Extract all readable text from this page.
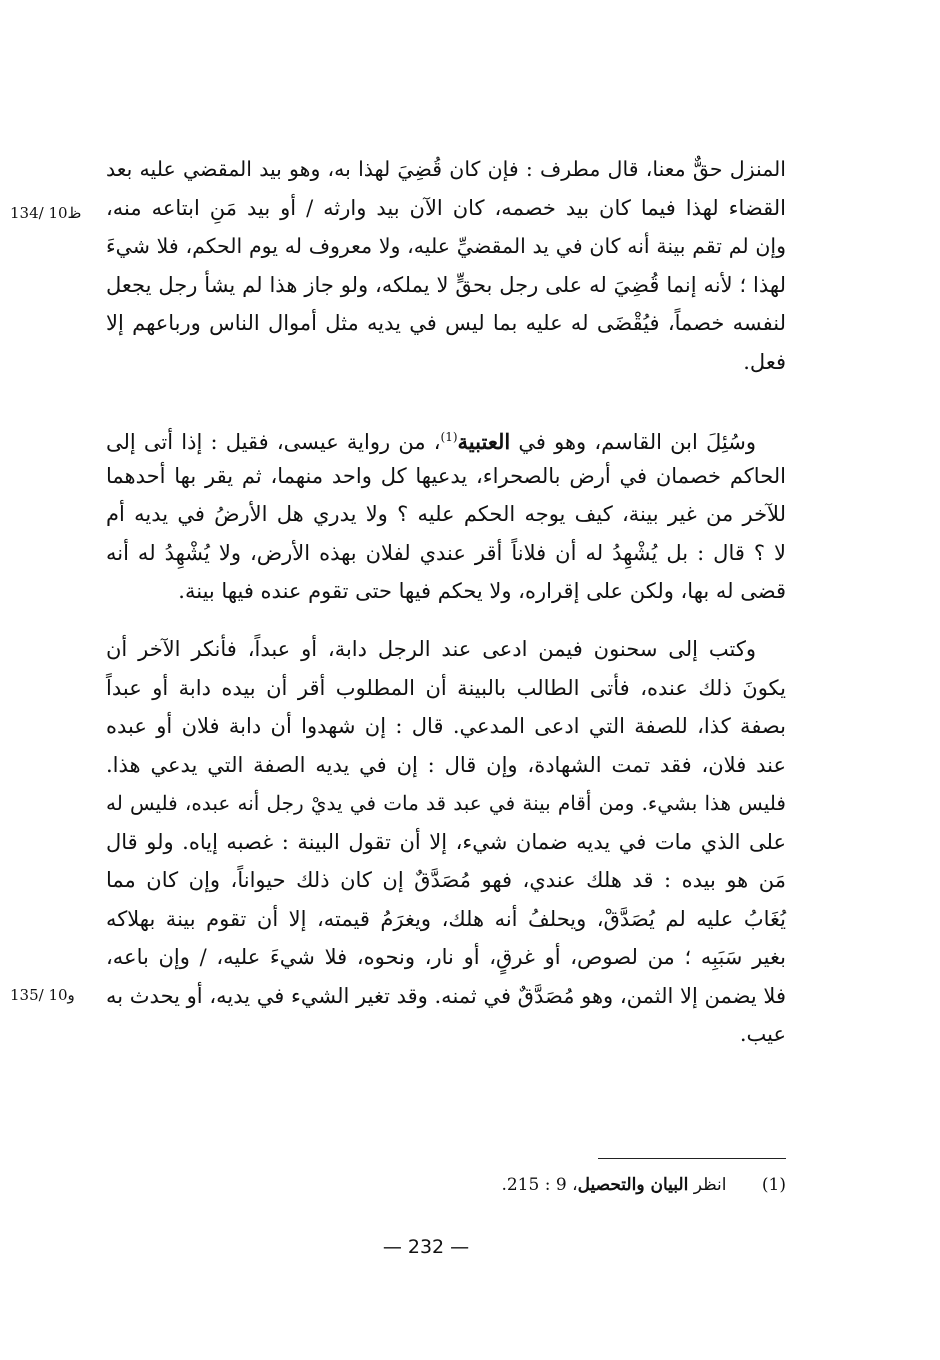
134/ 10ظ
135/ 10و
المنزل حقٌّ معنا، قال مطرف : فإن كان قُضِيَ لهذا به، وهو بيد المقضي عليه بعد
القضاء لهذا فيما كان بيد خصمه، كان الآن بيد وارثه / أو بيد مَنِ ابتاعه منه،
وإن لم تقم بينة أنه كان في يد المقضيِّ عليه، ولا معروف له يوم الحكم، فلا شيءَ
لهذا ؛ لأنه إنما قُضِيَ له على رجل بحقٍّ لا يملكه، ولو جاز هذا لم يشأ رجل يجعل
لنفسه خصماً، فيُقْضَى له عليه بما ليس في يديه مثل أموال الناس ورباعهم إلا
فعل.
وسُئِلَ ابن القاسم، وهو في العتبية$^{(1)}$، من رواية عيسى، فقيل : إذا أتى إلى
الحاكم خصمان في أرض بالصحراء، يدعيها كل واحد منهما، ثم يقر بها أحدهما
للآخر من غير بينة، كيف يوجه الحكم عليه ؟ ولا يدري هل الأرضُ في يديه أم
لا ؟ قال : بل يُشْهِدُ له أن فلاناً أقر عندي لفلان بهذه الأرض، ولا يُشْهِدُ له أنه
قضى له بها، ولكن على إقراره، ولا يحكم فيها حتى تقوم عنده فيها بينة.
وكتب إلى سحنون فيمن ادعى عند الرجل دابة، أو عبداً، فأنكر الآخر أن
يكونَ ذلك عنده، فأتى الطالب بالبينة أن المطلوب أقر أن بيده دابة أو عبداً
بصفة كذا، للصفة التي ادعى المدعي. قال : إن شهدوا أن دابة فلان أو عبده
عند فلان، فقد تمت الشهادة، وإن قال : إن في يديه الصفة التي يدعي هذا.
فليس هذا بشيء. ومن أقام بينة في عبد قد مات في يديْ رجل أنه عبده، فليس له
على الذي مات في يديه ضمان شيء، إلا أن تقول البينة : غصبه إياه. ولو قال
مَن هو بيده : قد هلك عندي، فهو مُصَدَّقٌ إن كان ذلك حيواناً، وإن كان مما
يُغَابُ عليه لم يُصَدَّقْ، ويحلفُ أنه هلك، ويغرَمُ قيمته، إلا أن تقوم بينة بهلاكه
بغير سَبَبِه ؛ من لصوص، أو غرقٍ، أو نار، ونحوه، فلا شيءَ عليه، / وإن باعه،
فلا يضمن إلا الثمن، وهو مُصَدَّقٌ في ثمنه. وقد تغير الشيء في يديه، أو يحدث به
عيب.
(1) انظر البيان والتحصيل، 9 : 215.
— 232 —
